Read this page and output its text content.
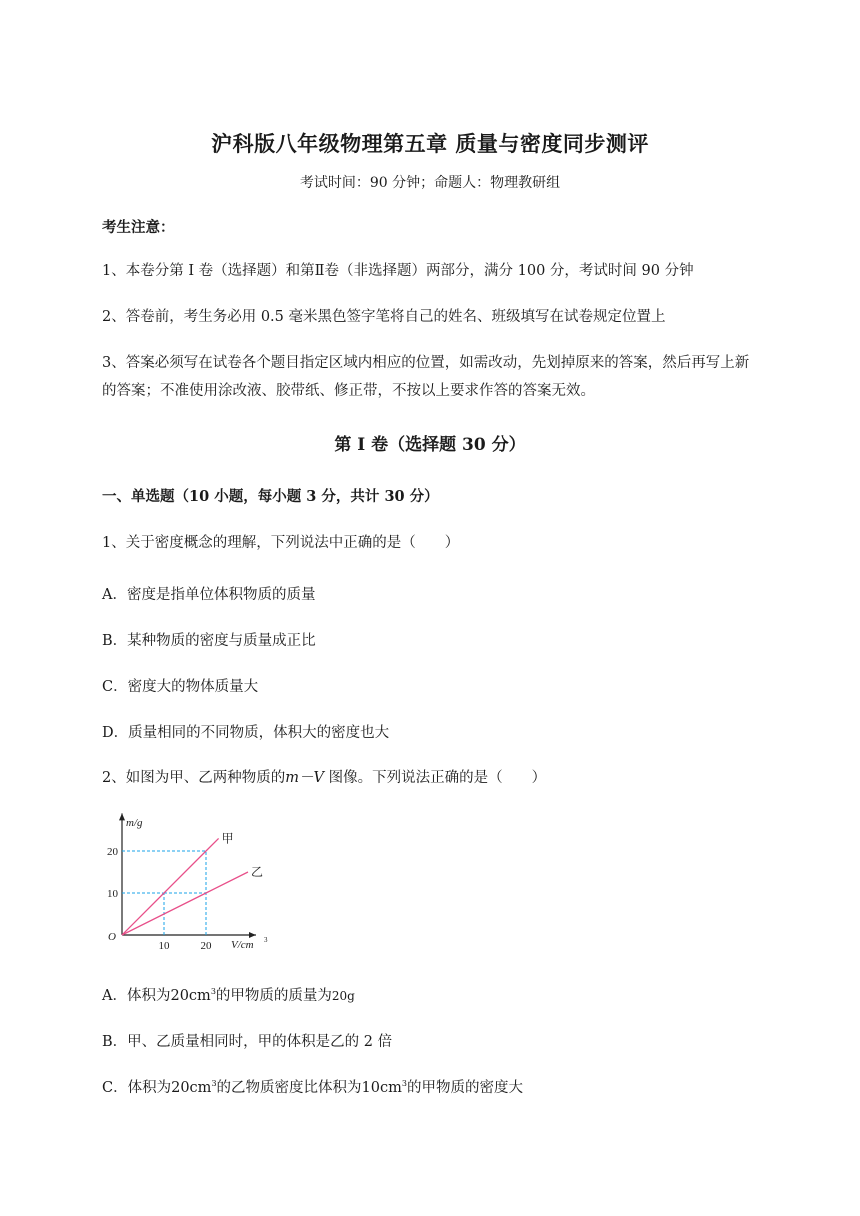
沪科版八年级物理第五章 质量与密度同步测评
考试时间：90 分钟；命题人：物理教研组
考生注意：
1、本卷分第 I 卷（选择题）和第Ⅱ卷（非选择题）两部分，满分 100 分，考试时间 90 分钟
2、答卷前，考生务必用 0.5 毫米黑色签字笔将自己的姓名、班级填写在试卷规定位置上
3、答案必须写在试卷各个题目指定区域内相应的位置，如需改动，先划掉原来的答案，然后再写上新
的答案；不准使用涂改液、胶带纸、修正带，不按以上要求作答的答案无效。
第 I 卷（选择题 30 分）
一、单选题（10 小题，每小题 3 分，共计 30 分）
1、关于密度概念的理解，下列说法中正确的是（　　）
A．密度是指单位体积物质的质量
B．某种物质的密度与质量成正比
C．密度大的物体质量大
D．质量相同的不同物质，体积大的密度也大
2、如图为甲、乙两种物质的m－V 图像。下列说法正确的是（　　）
甲
乙
10	20
10
20
O
m/g
V/cm 3
A．体积为$20cm^3$的甲物质的质量为20g
B．甲、乙质量相同时，甲的体积是乙的 2 倍
C．体积为$20cm^3$的乙物质密度比体积为$10cm^3$的甲物质的密度大
